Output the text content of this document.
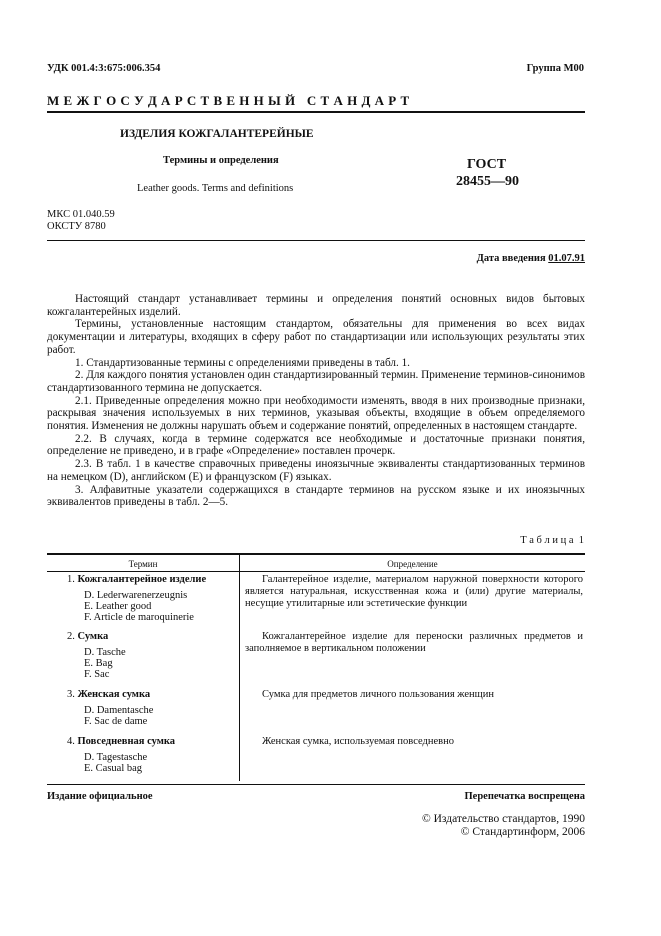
УДК 001.4:3:675:006.354	Группа М00
М Е Ж Г О С У Д А Р С Т В Е Н Н Ы Й   С Т А Н Д А Р Т
ИЗДЕЛИЯ КОЖГАЛАНТЕРЕЙНЫЕ
Термины и определения
Leather goods. Terms and definitions
ГОСТ
28455—90
МКС 01.040.59
ОКСТУ 8780
Дата введения 01.07.91

Настоящий стандарт устанавливает термины и определения понятий основных видов бытовых кожгалантерейных изделий.

Термины, установленные настоящим стандартом, обязательны для применения во всех видах документации и литературы, входящих в сферу работ по стандартизации или использующих результаты этих работ.

1. Стандартизованные термины с определениями приведены в табл. 1.

2. Для каждого понятия установлен один стандартизированный термин. Применение терминов-синонимов стандартизованного термина не допускается.

2.1. Приведенные определения можно при необходимости изменять, вводя в них производные признаки, раскрывая значения используемых в них терминов, указывая объекты, входящие в объем определяемого понятия. Изменения не должны нарушать объем и содержание понятий, определенных в настоящем стандарте.

2.2. В случаях, когда в термине содержатся все необходимые и достаточные признаки понятия, определение не приведено, и в графе «Определение» поставлен прочерк.

2.3. В табл. 1 в качестве справочных приведены иноязычные эквиваленты стандартизованных терминов на немецком (D), английском (E) и французском (F) языках.

3. Алфавитные указатели содержащихся в стандарте терминов на русском языке и их иноязычных эквивалентов приведены в табл. 2—5.

Т а б л и ц а  1
Термин	Определение
1. Кожгалантерейное изделие
D. Lederwarenerzeugnis
E. Leather good
F. Article de maroquinerie
Галантерейное изделие, материалом наружной поверхности которого является натуральная, искусственная кожа и (или) другие материалы, несущие утилитарные или эстетические функции
2. Сумка
D. Tasche
E. Bag
F. Sac
Кожгалантерейное изделие для переноски различных предметов и заполняемое в вертикальном положении
3. Женская сумка
D. Damentasche
F. Sac de dame
Сумка для предметов личного пользования женщин
4. Повседневная сумка
D. Tagestasche
E. Casual bag
Женская сумка, используемая повседневно
Издание официальное	Перепечатка воспрещена
© Издательство стандартов, 1990
© Стандартинформ, 2006
